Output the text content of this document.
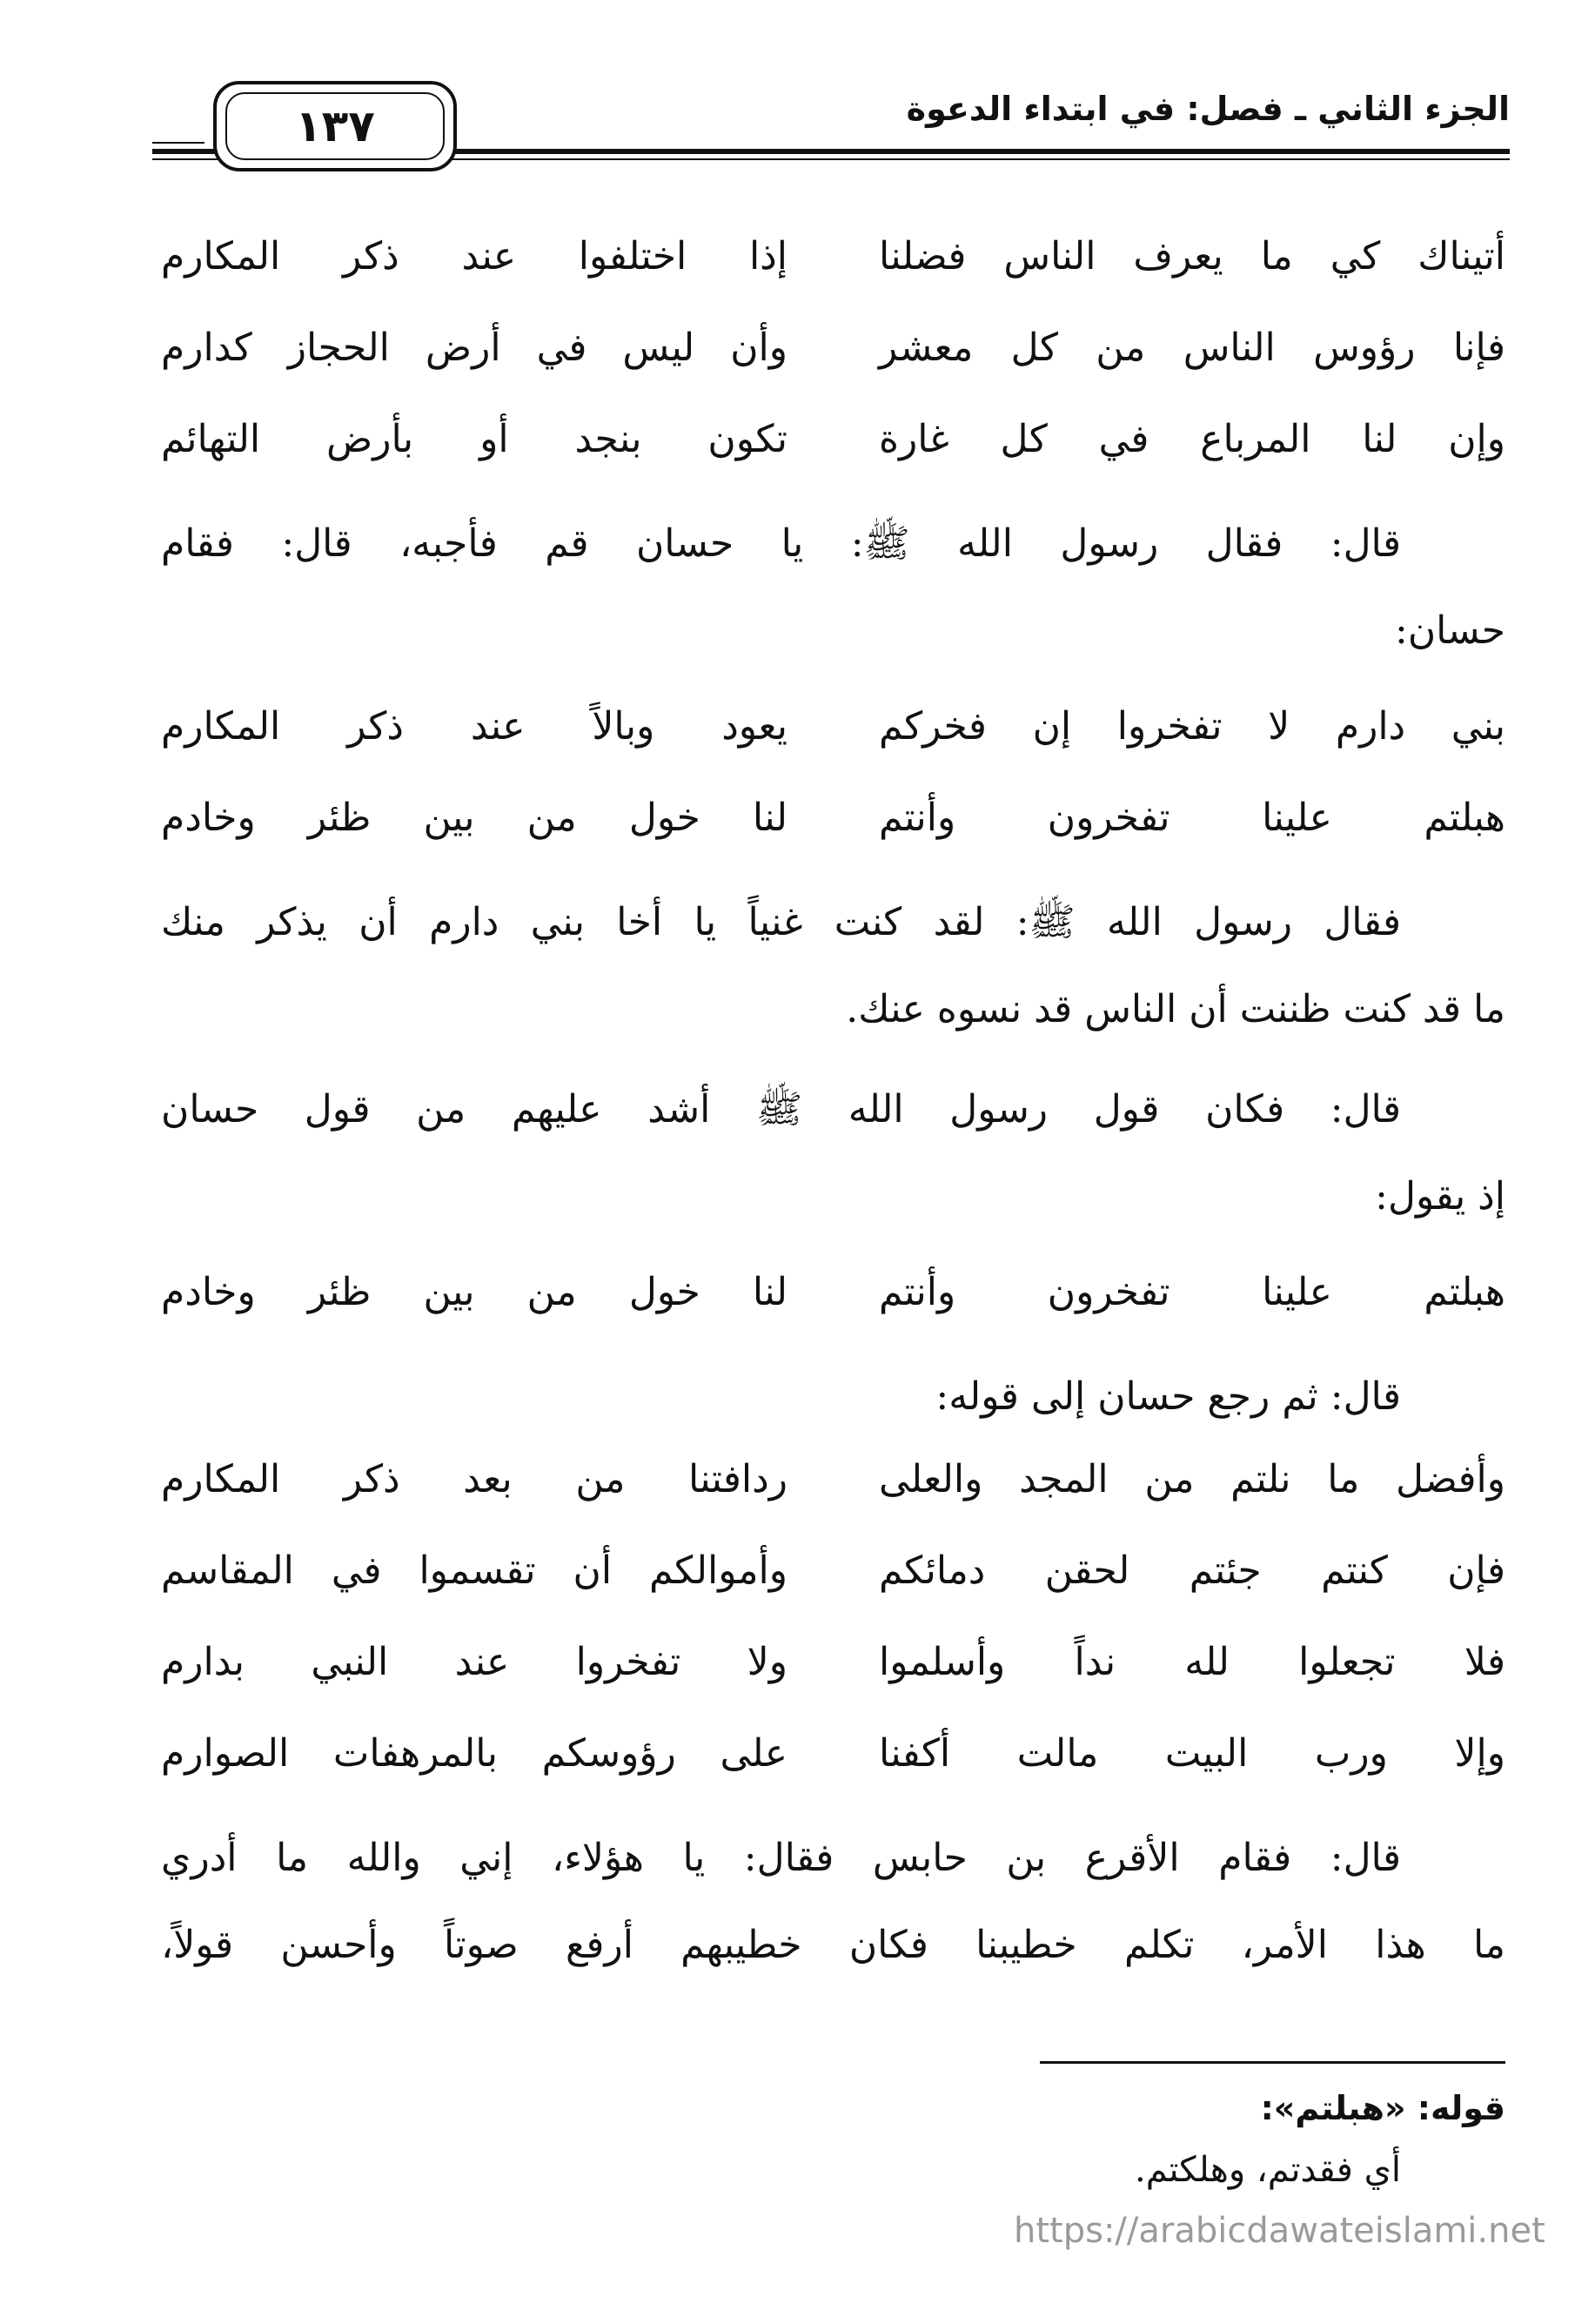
الجزء الثاني ـ فصل: في ابتداء الدعوة
١٣٧
أتيناك كي ما يعرف الناس فضلنا
إذا اختلفوا عند ذكر المكارم
فإنا رؤوس الناس من كل معشر
وأن ليس في أرض الحجاز كدارم
وإن لنا المرباع في كل غارة
تكون بنجد أو بأرض التهائم
قال: فقال رسول الله ﷺ: يا حسان قم فأجبه، قال: فقام
حسان:
بني دارم لا تفخروا إن فخركم
يعود وبالاً عند ذكر المكارم
هبلتم علينا تفخرون وأنتم
لنا خول من بين ظئر وخادم
فقال رسول الله ﷺ: لقد كنت غنياً يا أخا بني دارم أن يذكر منك
ما قد كنت ظننت أن الناس قد نسوه عنك.
قال: فكان قول رسول الله ﷺ أشد عليهم من قول حسان
إذ يقول:
هبلتم علينا تفخرون وأنتم
لنا خول من بين ظئر وخادم
قال: ثم رجع حسان إلى قوله:
وأفضل ما نلتم من المجد والعلى
ردافتنا من بعد ذكر المكارم
فإن كنتم جئتم لحقن دمائكم
وأموالكم أن تقسموا في المقاسم
فلا تجعلوا لله نداً وأسلموا
ولا تفخروا عند النبي بدارم
وإلا ورب البيت مالت أكفنا
على رؤوسكم بالمرهفات الصوارم
قال: فقام الأقرع بن حابس فقال: يا هؤلاء، إني والله ما أدري
ما هذا الأمر، تكلم خطيبنا فكان خطيبهم أرفع صوتاً وأحسن قولاً،
قوله: «هبلتم»:
أي فقدتم، وهلكتم.
https://arabicdawateislami.net
